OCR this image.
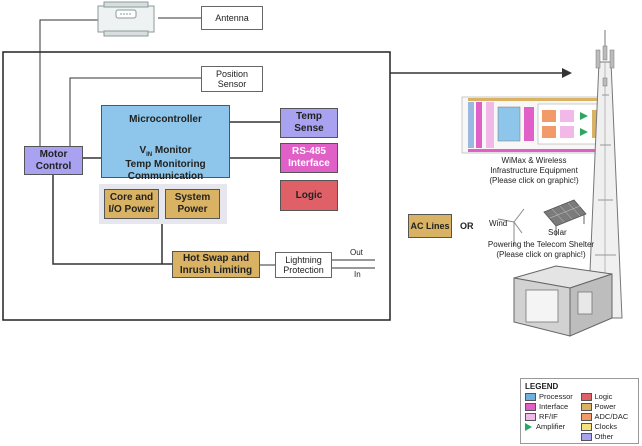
Antenna
Position
Sensor
Microcontroller

$V_{IN}$ Monitor

Temp Monitoring
Communication
Motor
Control
Temp
Sense
RS-485
Interface
Logic
Core and
I/O Power
System
Power
Hot Swap and
Inrush Limiting
Lightning
Protection
Out
In
AC Lines OR Wind
Solar
WiMax & Wireless
Infrastructure Equipment
(Please click on graphic!)
Powering the Telecom Shelter
(Please click on graphic!)
LEGEND
Processor	Logic
Interface	Power
RF/IF	ADC/DAC
Amplifier	Clocks
Other
